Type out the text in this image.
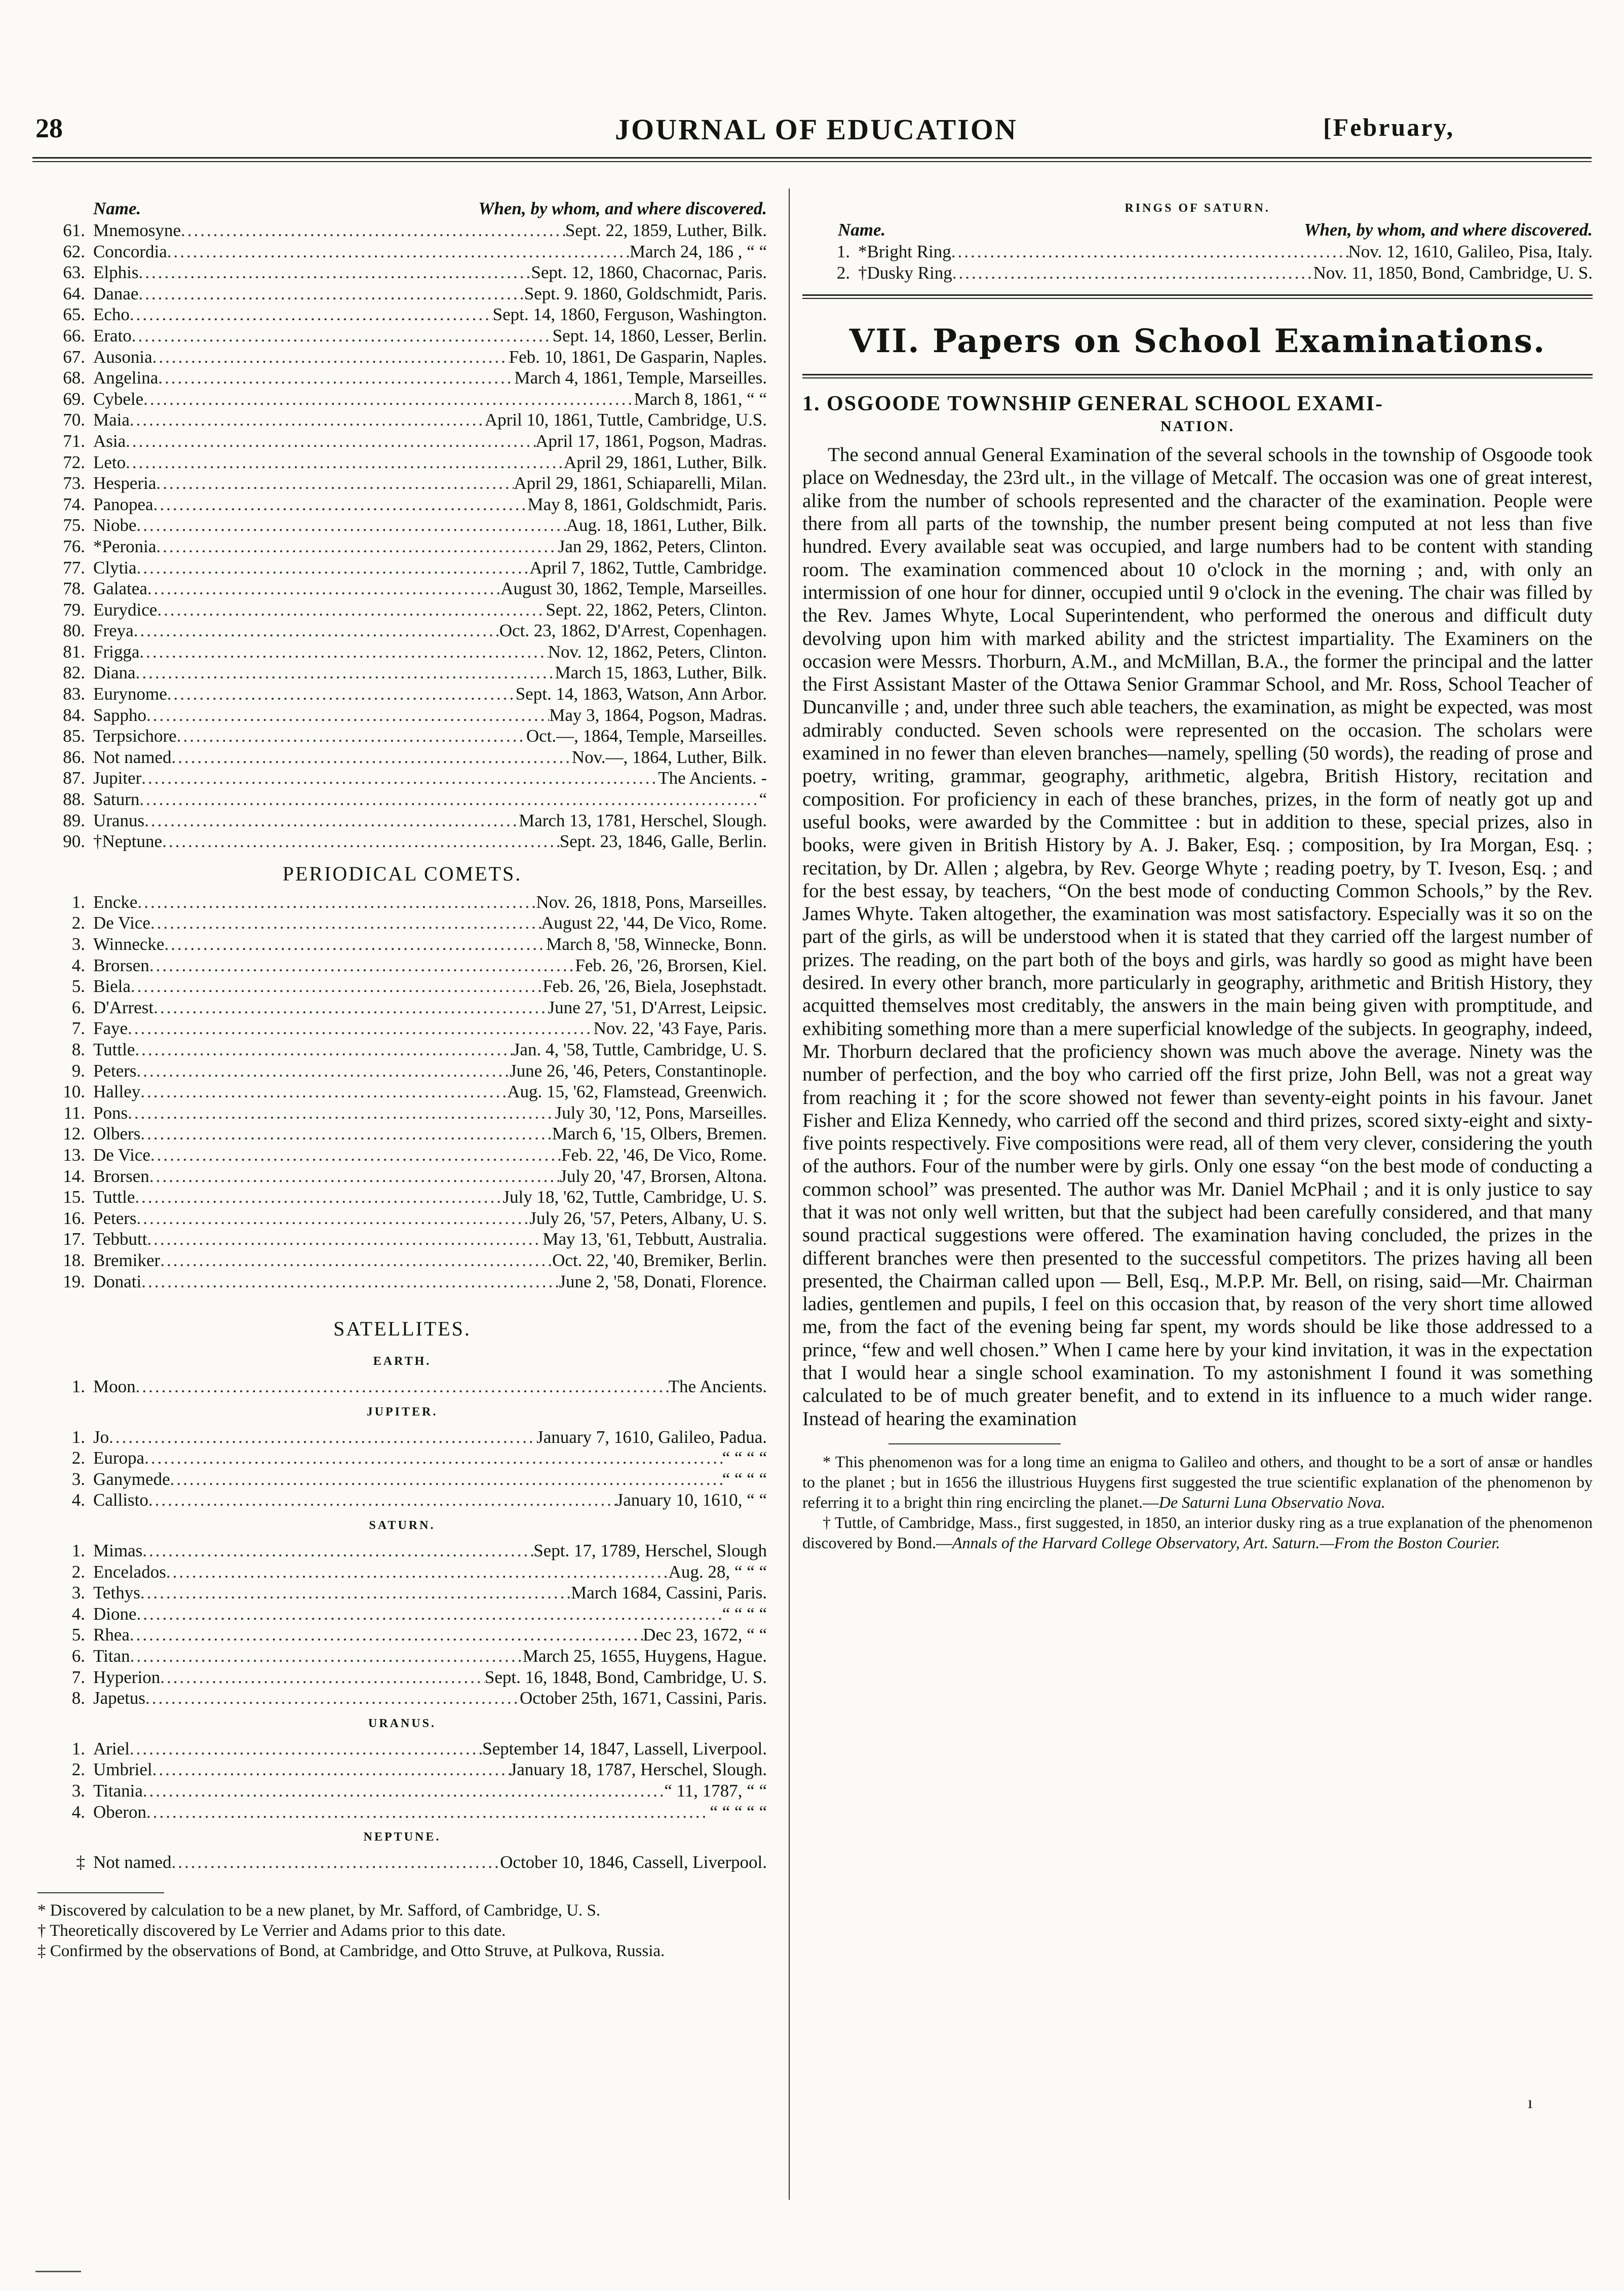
28	JOURNAL OF EDUCATION	[February,
Name.	When, by whom, and where discovered.
61. Mnemosyne .....	Sept. 22, 1859, Luther, Bilk.
62. Concordia .....	March 24, 186 , “ “
63. Elphis .....	Sept. 12, 1860, Chacornac, Paris.
64. Danae .....	Sept. 9. 1860, Goldschmidt, Paris.
65. Echo .....	Sept. 14, 1860, Ferguson, Washington.
66. Erato .....	Sept. 14, 1860, Lesser, Berlin.
67. Ausonia .....	Feb. 10, 1861, De Gasparin, Naples.
68. Angelina .....	March 4, 1861, Temple, Marseilles.
69. Cybele .....	March 8, 1861, “ “
70. Maia .....	April 10, 1861, Tuttle, Cambridge, U.S.
71. Asia .....	April 17, 1861, Pogson, Madras.
72. Leto .....	April 29, 1861, Luther, Bilk.
73. Hesperia .....	April 29, 1861, Schiaparelli, Milan.
74. Panopea .....	May 8, 1861, Goldschmidt, Paris.
75. Niobe .....	Aug. 18, 1861, Luther, Bilk.
76. *Peronia .....	Jan 29, 1862, Peters, Clinton.
77. Clytia .....	April 7, 1862, Tuttle, Cambridge.
78. Galatea .....	August 30, 1862, Temple, Marseilles.
79. Eurydice .....	Sept. 22, 1862, Peters, Clinton.
80. Freya .....	Oct. 23, 1862, D'Arrest, Copenhagen.
81. Frigga .....	Nov. 12, 1862, Peters, Clinton.
82. Diana .....	March 15, 1863, Luther, Bilk.
83. Eurynome .....	Sept. 14, 1863, Watson, Ann Arbor.
84. Sappho .....	May 3, 1864, Pogson, Madras.
85. Terpsichore .....	Oct.—, 1864, Temple, Marseilles.
86. Not named .....	Nov.—, 1864, Luther, Bilk.
87. Jupiter .....	The Ancients. -
88. Saturn .....	“
89. Uranus .....	March 13, 1781, Herschel, Slough.
90. †Neptune .....	Sept. 23, 1846, Galle, Berlin.
PERIODICAL COMETS.
1. Encke .....	Nov. 26, 1818, Pons, Marseilles.
2. De Vice .....	August 22, '44, De Vico, Rome.
3. Winnecke .....	March 8, '58, Winnecke, Bonn.
4. Brorsen .....	Feb. 26, '26, Brorsen, Kiel.
5. Biela .....	Feb. 26, '26, Biela, Josephstadt.
6. D'Arrest .....	June 27, '51, D'Arrest, Leipsic.
7. Faye .....	Nov. 22, '43 Faye, Paris.
8. Tuttle .....	Jan. 4, '58, Tuttle, Cambridge, U. S.
9. Peters .....	June 26, '46, Peters, Constantinople.
10. Halley .....	Aug. 15, '62, Flamstead, Greenwich.
11. Pons .....	July 30, '12, Pons, Marseilles.
12. Olbers .....	March 6, '15, Olbers, Bremen.
13. De Vice .....	Feb. 22, '46, De Vico, Rome.
14. Brorsen .....	July 20, '47, Brorsen, Altona.
15. Tuttle .....	July 18, '62, Tuttle, Cambridge, U. S.
16. Peters .....	July 26, '57, Peters, Albany, U. S.
17. Tebbutt .....	May 13, '61, Tebbutt, Australia.
18. Bremiker .....	Oct. 22, '40, Bremiker, Berlin.
19. Donati .....	June 2, '58, Donati, Florence.
SATELLITES.
EARTH.
1. Moon .....	The Ancients.
JUPITER.
1. Jo .....	January 7, 1610, Galileo, Padua.
2. Europa .....	“ “ “ “
3. Ganymede .....	“ “ “ “
4. Callisto .....	January 10, 1610, “ “
SATURN.
1. Mimas .....	Sept. 17, 1789, Herschel, Slough
2. Encelados .....	Aug. 28, “ “ “
3. Tethys .....	March 1684, Cassini, Paris.
4. Dione .....	“ “ “ “
5. Rhea .....	Dec 23, 1672, “ “
6. Titan .....	March 25, 1655, Huygens, Hague.
7. Hyperion .....	Sept. 16, 1848, Bond, Cambridge, U. S.
8. Japetus .....	October 25th, 1671, Cassini, Paris.
URANUS.
1. Ariel .....	September 14, 1847, Lassell, Liverpool.
2. Umbriel .....	January 18, 1787, Herschel, Slough.
3. Titania .....	“ 11, 1787, “ “
4. Oberon .....	“ “ “ “ “
NEPTUNE.
‡ Not named .....	October 10, 1846, Cassell, Liverpool.
* Discovered by calculation to be a new planet, by Mr. Safford, of Cambridge, U. S.
† Theoretically discovered by Le Verrier and Adams prior to this date.
‡ Confirmed by the observations of Bond, at Cambridge, and Otto Struve, at Pulkova, Russia.
RINGS OF SATURN.
Name.	When, by whom, and where discovered.
1. *Bright Ring .....	Nov. 12, 1610, Galileo, Pisa, Italy.
2. †Dusky Ring .....	Nov. 11, 1850, Bond, Cambridge, U. S.
VII. Papers on School Examinations.
1. OSGOODE TOWNSHIP GENERAL SCHOOL EXAMI-
NATION.
The second annual General Examination of the several schools in the township of Osgoode took place on Wednesday, the 23rd ult., in the village of Metcalf. The occasion was one of great interest, alike from the number of schools represented and the character of the examination. People were there from all parts of the township, the number present being computed at not less than five hundred. Every available seat was occupied, and large numbers had to be content with standing room. The examination commenced about 10 o'clock in the morning ; and, with only an intermission of one hour for dinner, occupied until 9 o'clock in the evening. The chair was filled by the Rev. James Whyte, Local Superintendent, who performed the onerous and difficult duty devolving upon him with marked ability and the strictest impartiality. The Examiners on the occasion were Messrs. Thorburn, A.M., and McMillan, B.A., the former the principal and the latter the First Assistant Master of the Ottawa Senior Grammar School, and Mr. Ross, School Teacher of Duncanville ; and, under three such able teachers, the examination, as might be expected, was most admirably conducted. Seven schools were represented on the occasion. The scholars were examined in no fewer than eleven branches—namely, spelling (50 words), the reading of prose and poetry, writing, grammar, geography, arithmetic, algebra, British History, recitation and composition. For proficiency in each of these branches, prizes, in the form of neatly got up and useful books, were awarded by the Committee : but in addition to these, special prizes, also in books, were given in British History by A. J. Baker, Esq. ; composition, by Ira Morgan, Esq. ; recitation, by Dr. Allen ; algebra, by Rev. George Whyte ; reading poetry, by T. Iveson, Esq. ; and for the best essay, by teachers, “On the best mode of conducting Common Schools,” by the Rev. James Whyte. Taken altogether, the examination was most satisfactory. Especially was it so on the part of the girls, as will be understood when it is stated that they carried off the largest number of prizes. The reading, on the part both of the boys and girls, was hardly so good as might have been desired. In every other branch, more particularly in geography, arithmetic and British History, they acquitted themselves most creditably, the answers in the main being given with promptitude, and exhibiting something more than a mere superficial knowledge of the subjects. In geography, indeed, Mr. Thorburn declared that the proficiency shown was much above the average. Ninety was the number of perfection, and the boy who carried off the first prize, John Bell, was not a great way from reaching it ; for the score showed not fewer than seventy-eight points in his favour. Janet Fisher and Eliza Kennedy, who carried off the second and third prizes, scored sixty-eight and sixty-five points respectively. Five compositions were read, all of them very clever, considering the youth of the authors. Four of the number were by girls. Only one essay “on the best mode of conducting a common school” was presented. The author was Mr. Daniel McPhail ; and it is only justice to say that it was not only well written, but that the subject had been carefully considered, and that many sound practical suggestions were offered. The examination having concluded, the prizes in the different branches were then presented to the successful competitors. The prizes having all been presented, the Chairman called upon — Bell, Esq., M.P.P. Mr. Bell, on rising, said—Mr. Chairman ladies, gentlemen and pupils, I feel on this occasion that, by reason of the very short time allowed me, from the fact of the evening being far spent, my words should be like those addressed to a prince, “few and well chosen.” When I came here by your kind invitation, it was in the expectation that I would hear a single school examination. To my astonishment I found it was something calculated to be of much greater benefit, and to extend in its influence to a much wider range. Instead of hearing the examination
* This phenomenon was for a long time an enigma to Galileo and others, and thought to be a sort of ansæ or handles to the planet ; but in 1656 the illustrious Huygens first suggested the true scientific explanation of the phenomenon by referring it to a bright thin ring encircling the planet.—De Saturni Luna Observatio Nova.
† Tuttle, of Cambridge, Mass., first suggested, in 1850, an interior dusky ring as a true explanation of the phenomenon discovered by Bond.—Annals of the Harvard College Observatory, Art. Saturn.—From the Boston Courier.
ı
